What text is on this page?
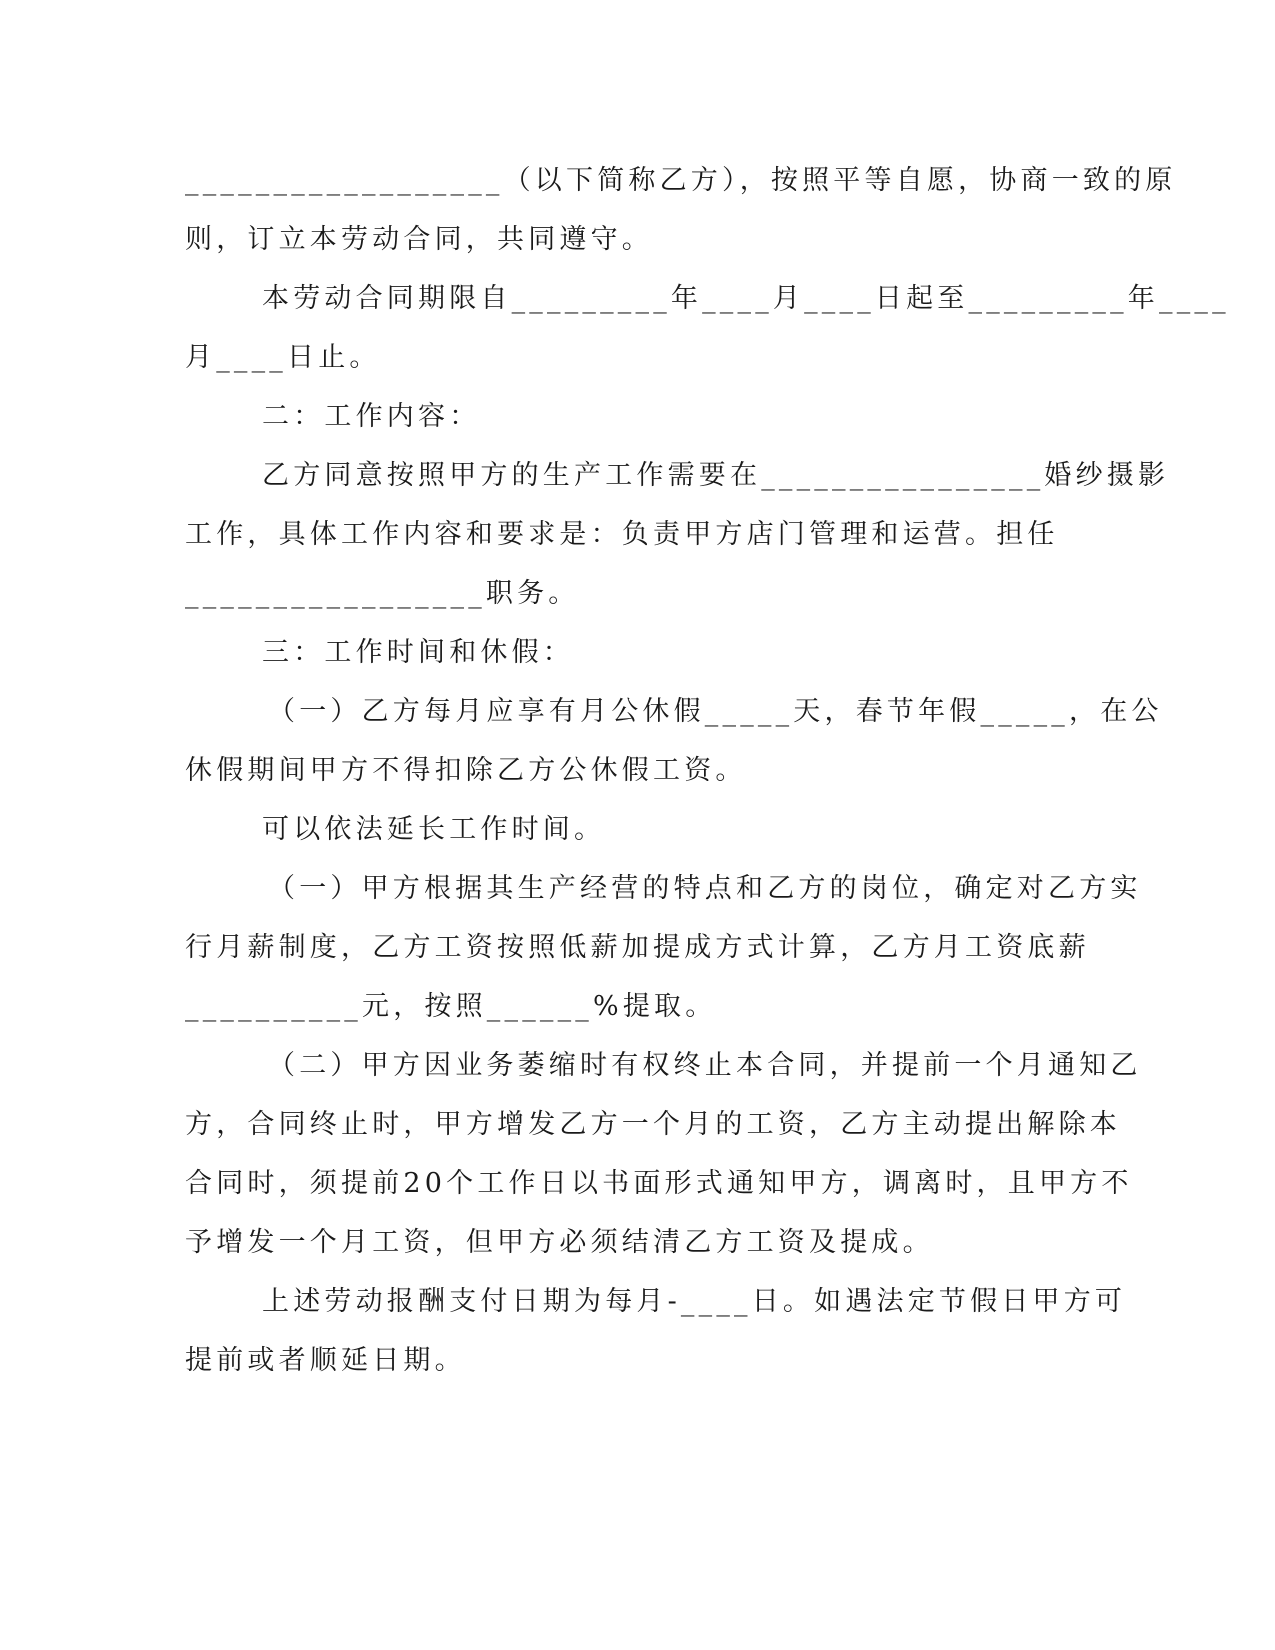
__________________（以下简称乙方），按照平等自愿，协商一致的原
则，订立本劳动合同，共同遵守。
本劳动合同期限自_________年____月____日起至_________年____
月____日止。
二：工作内容：
乙方同意按照甲方的生产工作需要在________________婚纱摄影
工作，具体工作内容和要求是：负责甲方店门管理和运营。担任
_________________职务。
三：工作时间和休假：
（一）乙方每月应享有月公休假_____天，春节年假_____，在公
休假期间甲方不得扣除乙方公休假工资。
可以依法延长工作时间。
（一）甲方根据其生产经营的特点和乙方的岗位，确定对乙方实
行月薪制度，乙方工资按照低薪加提成方式计算，乙方月工资底薪
__________元，按照______%提取。
（二）甲方因业务萎缩时有权终止本合同，并提前一个月通知乙
方，合同终止时，甲方增发乙方一个月的工资，乙方主动提出解除本
合同时，须提前20个工作日以书面形式通知甲方，调离时，且甲方不
予增发一个月工资，但甲方必须结清乙方工资及提成。
上述劳动报酬支付日期为每月-____日。如遇法定节假日甲方可
提前或者顺延日期。
